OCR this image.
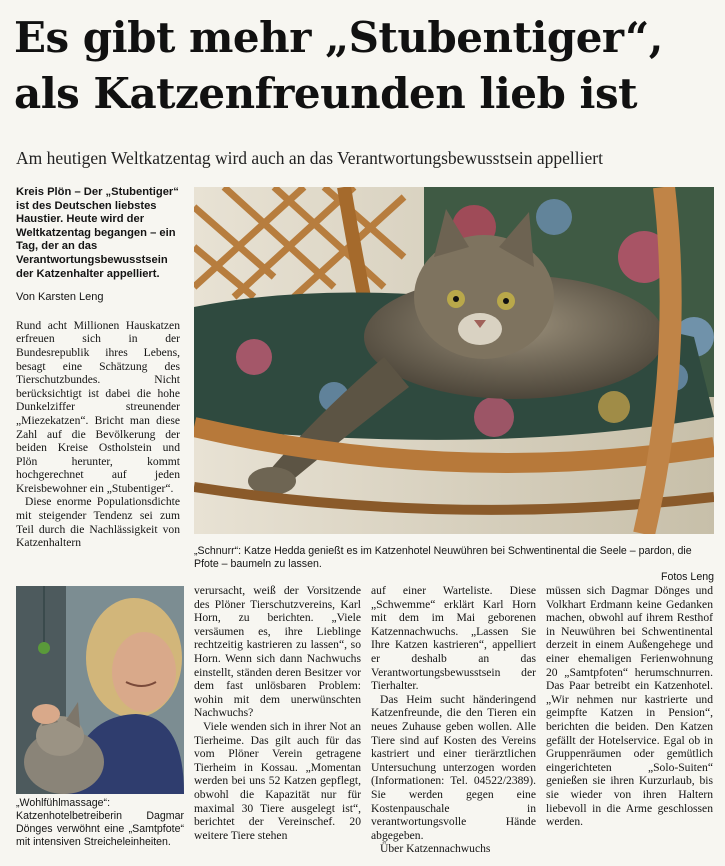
Es gibt mehr „Stubentiger“,
als Katzenfreunden lieb ist

Am heutigen Weltkatzentag wird auch an das Verantwortungsbewusstsein appelliert

Kreis Plön – Der „Stubentiger“ ist des Deutschen liebstes Haustier. Heute wird der Weltkatzentag begangen – ein Tag, der an das Verantwortungsbewusstsein der Katzenhalter appelliert.
Von Karsten Leng

Rund acht Millionen Hauskatzen erfreuen sich in der Bundesrepublik ihres Lebens, besagt eine Schätzung des Tierschutzbundes. Nicht berücksichtigt ist dabei die hohe Dunkelziffer streunender „Miezekatzen“. Bricht man diese Zahl auf die Bevölkerung der beiden Kreise Ostholstein und Plön herunter, kommt hochgerechnet auf jeden Kreisbewohner ein „Stubentiger“.

Diese enorme Populationsdichte mit steigender Tendenz sei zum Teil durch die Nachlässigkeit von Katzenhaltern

„Schnurr“: Katze Hedda genießt es im Katzenhotel Neuwühren bei Schwentinental die Seele – pardon, die Pfote – baumeln zu lassen.
Fotos Leng
„Wohlfühlmassage“: Katzenhotelbetreiberin Dagmar Dönges verwöhnt eine „Samtpfote“ mit intensiven Streicheleinheiten.

verursacht, weiß der Vorsitzende des Plöner Tierschutzvereins, Karl Horn, zu berichten. „Viele versäumen es, ihre Lieblinge rechtzeitig kastrieren zu lassen“, so Horn. Wenn sich dann Nachwuchs einstellt, ständen deren Besitzer vor dem fast unlösbaren Problem: wohin mit dem unerwünschten Nachwuchs?

Viele wenden sich in ihrer Not an Tierheime. Das gilt auch für das vom Plöner Verein getragene Tierheim in Kossau. „Momentan werden bei uns 52 Katzen gepflegt, obwohl die Kapazität nur für maximal 30 Tiere ausgelegt ist“, berichtet der Vereinschef. 20 weitere Tiere stehen

auf einer Warteliste. Diese „Schwemme“ erklärt Karl Horn mit dem im Mai geborenen Katzennachwuchs. „Lassen Sie Ihre Katzen kastrieren“, appelliert er deshalb an das Verantwortungsbewusstsein der Tierhalter.

Das Heim sucht händeringend Katzenfreunde, die den Tieren ein neues Zuhause geben wollen. Alle Tiere sind auf Kosten des Vereins kastriert und einer tierärztlichen Untersuchung unterzogen worden (Informationen: Tel. 04522/2389). Sie werden gegen eine Kostenpauschale in verantwortungsvolle Hände abgegeben.

Über Katzennachwuchs

müssen sich Dagmar Dönges und Volkhart Erdmann keine Gedanken machen, obwohl auf ihrem Resthof in Neuwühren bei Schwentinental derzeit in einem Außengehege und einer ehemaligen Ferienwohnung 20 „Samtpfoten“ herumschnurren. Das Paar betreibt ein Katzenhotel. „Wir nehmen nur kastrierte und geimpfte Katzen in Pension“, berichten die beiden. Den Katzen gefällt der Hotelservice. Egal ob in Gruppenräumen oder gemütlich eingerichteten „Solo-Suiten“ genießen sie ihren Kurzurlaub, bis sie wieder von ihren Haltern liebevoll in die Arme geschlossen werden.
